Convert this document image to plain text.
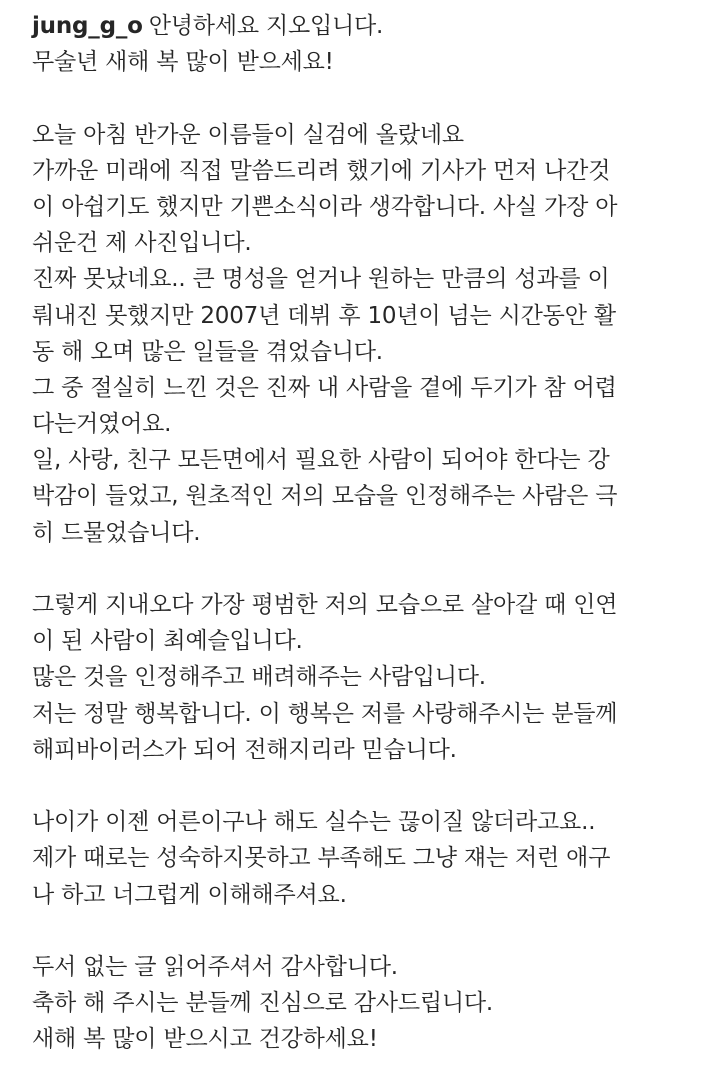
jung_g_o 안녕하세요 지오입니다.
무술년 새해 복 많이 받으세요!
오늘 아침 반가운 이름들이 실검에 올랐네요
가까운 미래에 직접 말씀드리려 했기에 기사가 먼저 나간것
이 아쉽기도 했지만 기쁜소식이라 생각합니다. 사실 가장 아
쉬운건 제 사진입니다.
진짜 못났네요.. 큰 명성을 얻거나 원하는 만큼의 성과를 이
뤄내진 못했지만 2007년 데뷔 후 10년이 넘는 시간동안 활
동 해 오며 많은 일들을 겪었습니다.
그 중 절실히 느낀 것은 진짜 내 사람을 곁에 두기가 참 어렵
다는거였어요.
일, 사랑, 친구 모든면에서 필요한 사람이 되어야 한다는 강
박감이 들었고, 원초적인 저의 모습을 인정해주는 사람은 극
히 드물었습니다.
그렇게 지내오다 가장 평범한 저의 모습으로 살아갈 때 인연
이 된 사람이 최예슬입니다.
많은 것을 인정해주고 배려해주는 사람입니다.
저는 정말 행복합니다. 이 행복은 저를 사랑해주시는 분들께
해피바이러스가 되어 전해지리라 믿습니다.
나이가 이젠 어른이구나 해도 실수는 끊이질 않더라고요..
제가 때로는 성숙하지못하고 부족해도 그냥 쟤는 저런 애구
나 하고 너그럽게 이해해주셔요.
두서 없는 글 읽어주셔서 감사합니다.
축하 해 주시는 분들께 진심으로 감사드립니다.
새해 복 많이 받으시고 건강하세요!
